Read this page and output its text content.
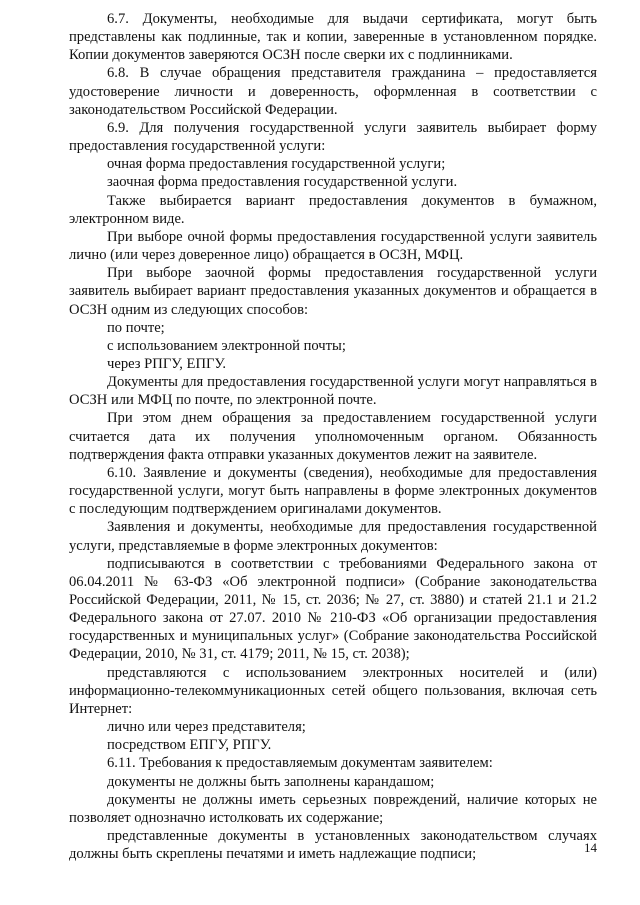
6.7. Документы, необходимые для выдачи сертификата, могут быть представлены как подлинные, так и копии, заверенные в установленном порядке. Копии документов заверяются ОСЗН после сверки их с подлинниками.

6.8. В случае обращения представителя гражданина – предоставляется удостоверение личности и доверенность, оформленная в соответствии с законодательством Российской Федерации.

6.9. Для получения государственной услуги заявитель выбирает форму предоставления государственной услуги:

очная форма предоставления государственной услуги;

заочная форма предоставления государственной услуги.

Также выбирается вариант предоставления документов в бумажном, электронном виде.

При выборе очной формы предоставления государственной услуги заявитель лично (или через доверенное лицо) обращается в ОСЗН, МФЦ.

При выборе заочной формы предоставления государственной услуги заявитель выбирает вариант предоставления указанных документов и обращается в ОСЗН одним из следующих способов:

по почте;

с использованием электронной почты;

через РПГУ, ЕПГУ.

Документы для предоставления государственной услуги могут направляться в ОСЗН или МФЦ по почте, по электронной почте.

При этом днем обращения за предоставлением государственной услуги считается дата их получения уполномоченным органом. Обязанность подтверждения факта отправки указанных документов лежит на заявителе.

6.10. Заявление и документы (сведения), необходимые для предоставления государственной услуги, могут быть направлены в форме электронных документов с последующим подтверждением оригиналами документов.

Заявления и документы, необходимые для предоставления государственной услуги, представляемые в форме электронных документов:

подписываются в соответствии с требованиями Федерального закона от 06.04.2011 № 63-ФЗ «Об электронной подписи» (Собрание законодательства Российской Федерации, 2011, № 15, ст. 2036; № 27, ст. 3880) и статей 21.1 и 21.2 Федерального закона от 27.07. 2010 № 210-ФЗ «Об организации предоставления государственных и муниципальных услуг» (Собрание законодательства Российской Федерации, 2010, № 31, ст. 4179; 2011, № 15, ст. 2038);

представляются с использованием электронных носителей и (или) информационно-телекоммуникационных сетей общего пользования, включая сеть Интернет:

лично или через представителя;

посредством ЕПГУ, РПГУ.

6.11. Требования к предоставляемым документам заявителем:

документы не должны быть заполнены карандашом;

документы не должны иметь серьезных повреждений, наличие которых не позволяет однозначно истолковать их содержание;

представленные документы в установленных законодательством случаях должны быть скреплены печатями и иметь надлежащие подписи;	14
